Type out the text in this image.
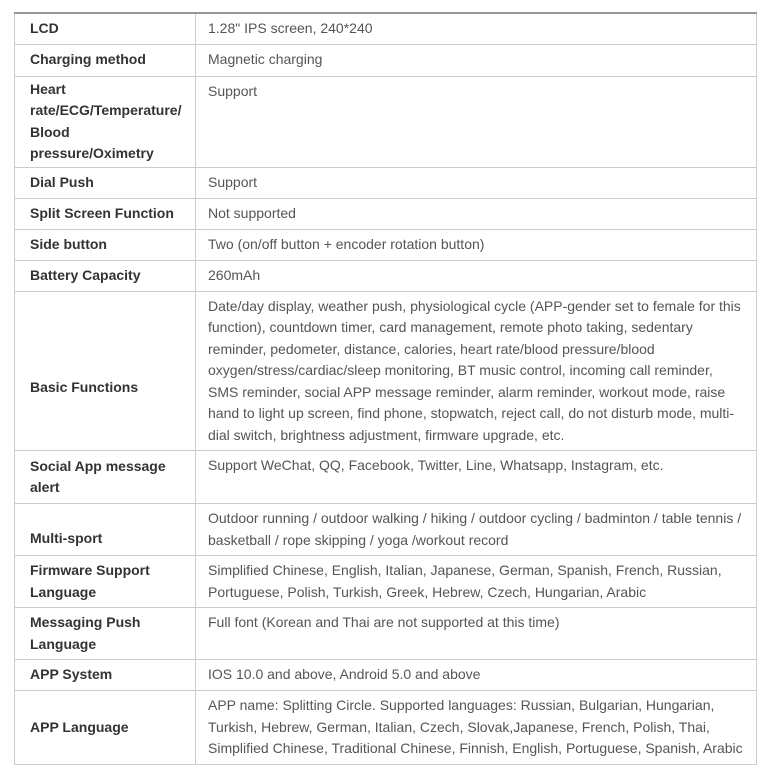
LCD	1.28" IPS screen, 240*240
Charging method	Magnetic charging
Heart rate/ECG/Temperature/Blood pressure/Oximetry	Support
Dial Push	Support
Split Screen Function	Not supported
Side button	Two (on/off button + encoder rotation button)
Battery Capacity	260mAh
Basic Functions	Date/day display, weather push, physiological cycle (APP-gender set to female for this function), countdown timer, card management, remote photo taking, sedentary reminder, pedometer, distance, calories, heart rate/blood pressure/blood oxygen/stress/cardiac/sleep monitoring, BT music control, incoming call reminder, SMS reminder, social APP message reminder, alarm reminder, workout mode, raise hand to light up screen, find phone, stopwatch, reject call, do not disturb mode, multi-dial switch, brightness adjustment, firmware upgrade, etc.
Social App message alert	Support WeChat, QQ, Facebook, Twitter, Line, Whatsapp, Instagram, etc.
Multi-sport	Outdoor running / outdoor walking / hiking / outdoor cycling / badminton / table tennis / basketball / rope skipping / yoga /workout record
Firmware Support Language	Simplified Chinese, English, Italian, Japanese, German, Spanish, French, Russian, Portuguese, Polish, Turkish, Greek, Hebrew, Czech, Hungarian, Arabic
Messaging Push Language	Full font (Korean and Thai are not supported at this time)
APP System	IOS 10.0 and above, Android 5.0 and above
APP Language	APP name: Splitting Circle. Supported languages: Russian, Bulgarian, Hungarian, Turkish, Hebrew, German, Italian, Czech, Slovak,Japanese, French, Polish, Thai, Simplified Chinese, Traditional Chinese, Finnish, English, Portuguese, Spanish, Arabic
